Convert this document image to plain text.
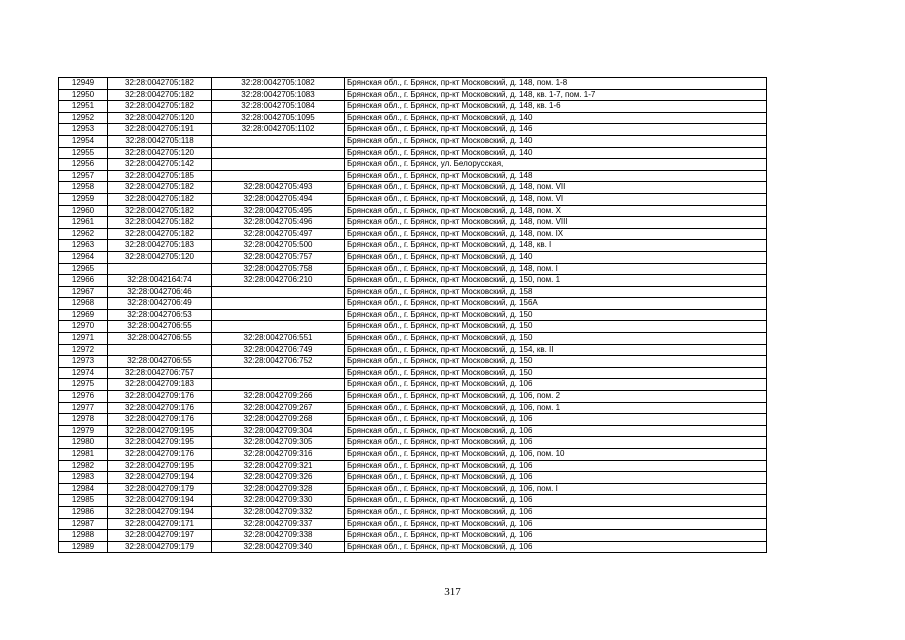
12949	32:28:0042705:182	32:28:0042705:1082	Брянская обл., г. Брянск, пр-кт Московский, д. 148, пом. 1-8
12950	32:28:0042705:182	32:28:0042705:1083	Брянская обл., г. Брянск, пр-кт Московский, д. 148, кв. 1-7, пом. 1-7
12951	32:28:0042705:182	32:28:0042705:1084	Брянская обл., г. Брянск, пр-кт Московский, д. 148, кв. 1-6
12952	32:28:0042705:120	32:28:0042705:1095	Брянская обл., г. Брянск, пр-кт Московский, д. 140
12953	32:28:0042705:191	32:28:0042705:1102	Брянская обл., г. Брянск, пр-кт Московский, д. 146
12954	32:28:0042705:118		Брянская обл., г. Брянск, пр-кт Московский, д. 140
12955	32:28:0042705:120		Брянская обл., г. Брянск, пр-кт Московский, д. 140
12956	32:28:0042705:142		Брянская обл., г. Брянск, ул. Белорусская,
12957	32:28:0042705:185		Брянская обл., г. Брянск, пр-кт Московский, д. 148
12958	32:28:0042705:182	32:28:0042705:493	Брянская обл., г. Брянск, пр-кт Московский, д. 148, пом. VII
12959	32:28:0042705:182	32:28:0042705:494	Брянская обл., г. Брянск, пр-кт Московский, д. 148, пом. VI
12960	32:28:0042705:182	32:28:0042705:495	Брянская обл., г. Брянск, пр-кт Московский, д. 148, пом. X
12961	32:28:0042705:182	32:28:0042705:496	Брянская обл., г. Брянск, пр-кт Московский, д. 148, пом. VIII
12962	32:28:0042705:182	32:28:0042705:497	Брянская обл., г. Брянск, пр-кт Московский, д. 148, пом. IX
12963	32:28:0042705:183	32:28:0042705:500	Брянская обл., г. Брянск, пр-кт Московский, д. 148, кв. I
12964	32:28:0042705:120	32:28:0042705:757	Брянская обл., г. Брянск, пр-кт Московский, д. 140
12965		32:28:0042705:758	Брянская обл., г. Брянск, пр-кт Московский, д. 148, пом. I
12966	32:28:0042164:74	32:28:0042706:210	Брянская обл., г. Брянск, пр-кт Московский, д. 150, пом. 1
12967	32:28:0042706:46		Брянская обл., г. Брянск, пр-кт Московский, д. 158
12968	32:28:0042706:49		Брянская обл., г. Брянск, пр-кт Московский, д. 156А
12969	32:28:0042706:53		Брянская обл., г. Брянск, пр-кт Московский, д. 150
12970	32:28:0042706:55		Брянская обл., г. Брянск, пр-кт Московский, д. 150
12971	32:28:0042706:55	32:28:0042706:551	Брянская обл., г. Брянск, пр-кт Московский, д. 150
12972		32:28:0042706:749	Брянская обл., г. Брянск, пр-кт Московский, д. 154, кв. II
12973	32:28:0042706:55	32:28:0042706:752	Брянская обл., г. Брянск, пр-кт Московский, д. 150
12974	32:28:0042706:757		Брянская обл., г. Брянск, пр-кт Московский, д. 150
12975	32:28:0042709:183		Брянская обл., г. Брянск, пр-кт Московский, д. 106
12976	32:28:0042709:176	32:28:0042709:266	Брянская обл., г. Брянск, пр-кт Московский, д. 106, пом. 2
12977	32:28:0042709:176	32:28:0042709:267	Брянская обл., г. Брянск, пр-кт Московский, д. 106, пом. 1
12978	32:28:0042709:176	32:28:0042709:268	Брянская обл., г. Брянск, пр-кт Московский, д. 106
12979	32:28:0042709:195	32:28:0042709:304	Брянская обл., г. Брянск, пр-кт Московский, д. 106
12980	32:28:0042709:195	32:28:0042709:305	Брянская обл., г. Брянск, пр-кт Московский, д. 106
12981	32:28:0042709:176	32:28:0042709:316	Брянская обл., г. Брянск, пр-кт Московский, д. 106, пом. 10
12982	32:28:0042709:195	32:28:0042709:321	Брянская обл., г. Брянск, пр-кт Московский, д. 106
12983	32:28:0042709:194	32:28:0042709:326	Брянская обл., г. Брянск, пр-кт Московский, д. 106
12984	32:28:0042709:179	32:28:0042709:328	Брянская обл., г. Брянск, пр-кт Московский, д. 106, пом. I
12985	32:28:0042709:194	32:28:0042709:330	Брянская обл., г. Брянск, пр-кт Московский, д. 106
12986	32:28:0042709:194	32:28:0042709:332	Брянская обл., г. Брянск, пр-кт Московский, д. 106
12987	32:28:0042709:171	32:28:0042709:337	Брянская обл., г. Брянск, пр-кт Московский, д. 106
12988	32:28:0042709:197	32:28:0042709:338	Брянская обл., г. Брянск, пр-кт Московский, д. 106
12989	32:28:0042709:179	32:28:0042709:340	Брянская обл., г. Брянск, пр-кт Московский, д. 106
317
